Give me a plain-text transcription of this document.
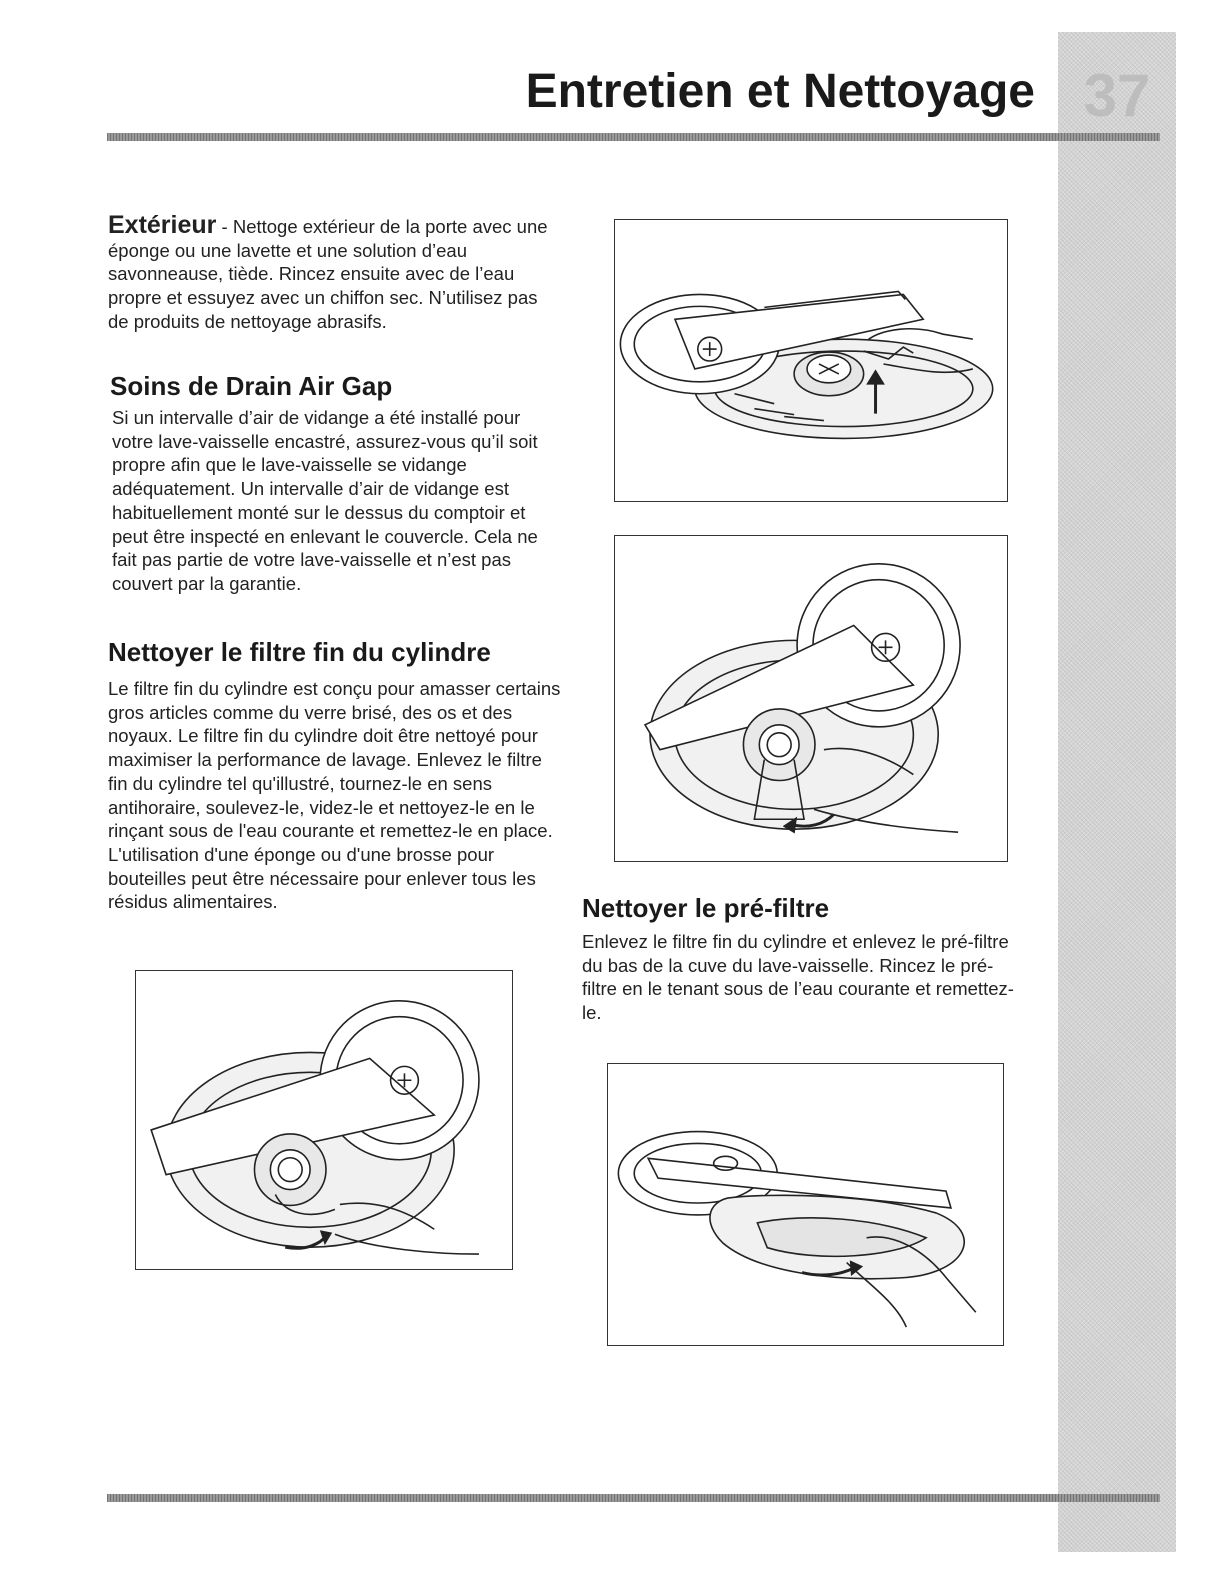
37
Entretien et Nettoyage

Extérieur - Nettoge extérieur de la porte avec une éponge ou une lavette et une solution d’eau savonneause, tiède. Rincez ensuite avec de l’eau propre et essuyez avec un chiffon sec. N’utilisez pas de produits de nettoyage abrasifs.

Soins de Drain Air Gap
Si un intervalle d’air de vidange a été installé pour votre lave-vaisselle encastré, assurez-vous qu’il soit propre afin que le lave-vaisselle se vidange adéquatement. Un intervalle d’air de vidange est habituellement monté sur le dessus du comptoir et peut être inspecté en enlevant le couvercle. Cela ne fait pas partie de votre lave-vaisselle et n’est pas couvert par la garantie.
Nettoyer le filtre fin du cylindre
Le filtre fin du cylindre est conçu pour amasser certains gros articles comme du verre brisé, des os et des noyaux. Le filtre fin du cylindre doit être nettoyé pour maximiser la performance de lavage. Enlevez le filtre fin du cylindre tel qu'illustré, tournez-le en sens antihoraire, soulevez-le, videz-le et nettoyez-le en le rinçant sous de l'eau courante et remettez-le en place. L'utilisation d'une éponge ou d'une brosse pour bouteilles peut être nécessaire pour enlever tous les résidus alimentaires.	Nettoyer le pré-filtre
Enlevez le filtre fin du cylindre et enlevez le pré-filtre du bas de la cuve du lave-vaisselle. Rincez le pré-filtre en le tenant sous de l’eau courante et remettez-le.
